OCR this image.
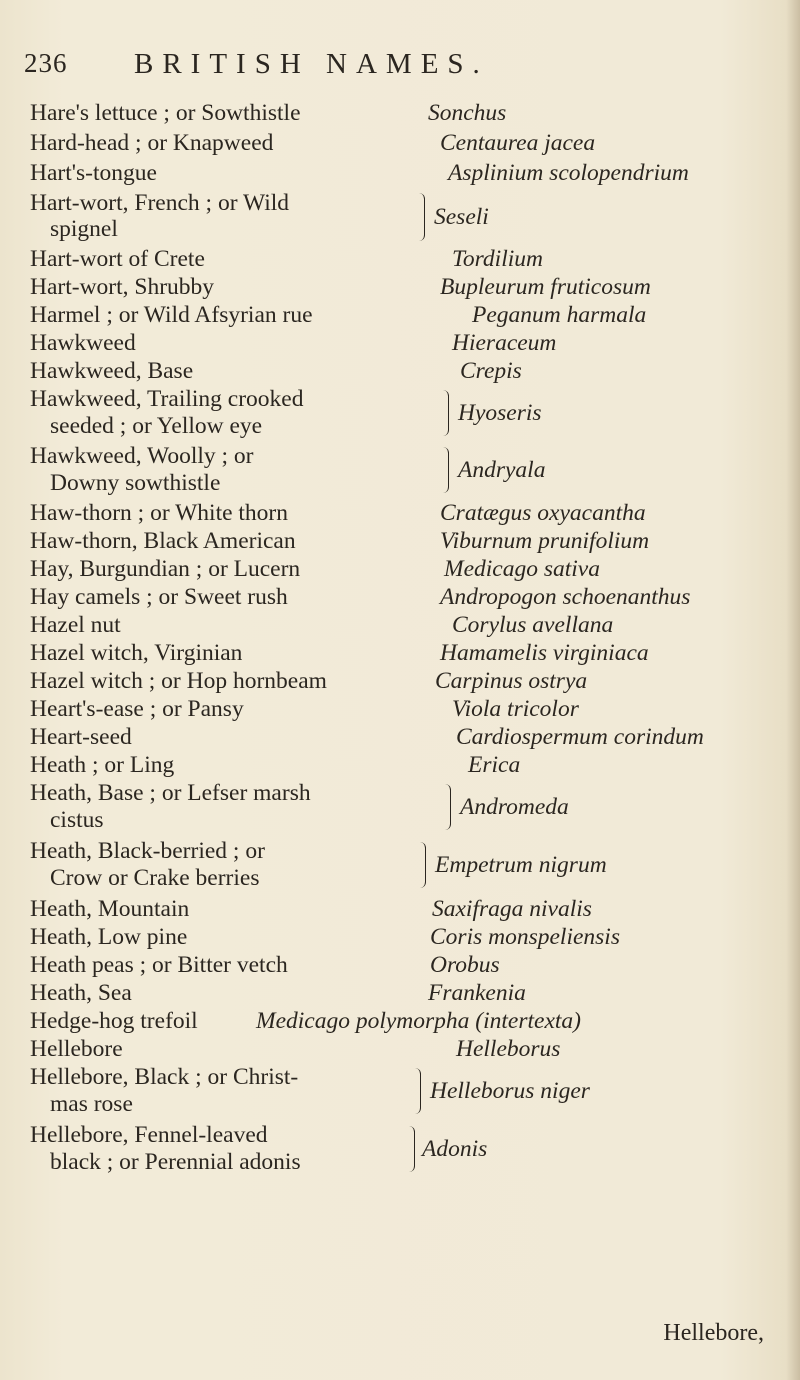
236 BRITISH NAMES.
Hare's lettuce ; or Sowthistle	Sonchus
Hard-head ; or Knapweed	Centaurea jacea
Hart's-tongue	Asplinium scolopendrium
Hart-wort, French ; or Wild
spignel	Seseli
Hart-wort of Crete	Tordilium
Hart-wort, Shrubby	Bupleurum fruticosum
Harmel ; or Wild Afsyrian rue	Peganum harmala
Hawkweed	Hieraceum
Hawkweed, Base	Crepis
Hawkweed, Trailing crooked
seeded ; or Yellow eye	Hyoseris
Hawkweed, Woolly ; or
Downy sowthistle	Andryala
Haw-thorn ; or White thorn	Cratægus oxyacantha
Haw-thorn, Black American	Viburnum prunifolium
Hay, Burgundian ; or Lucern	Medicago sativa
Hay camels ; or Sweet rush	Andropogon schoenanthus
Hazel nut	Corylus avellana
Hazel witch, Virginian	Hamamelis virginiaca
Hazel witch ; or Hop hornbeam	Carpinus ostrya
Heart's-ease ; or Pansy	Viola tricolor
Heart-seed	Cardiospermum corindum
Heath ; or Ling	Erica
Heath, Base ; or Lefser marsh
cistus	Andromeda
Heath, Black-berried ; or
Crow or Crake berries	Empetrum nigrum
Heath, Mountain	Saxifraga nivalis
Heath, Low pine	Coris monspeliensis
Heath peas ; or Bitter vetch	Orobus
Heath, Sea	Frankenia
Hedge-hog trefoil Medicago polymorpha (intertexta)
Hellebore	Helleborus
Hellebore, Black ; or Christ-
mas rose	Helleborus niger
Hellebore, Fennel-leaved
black ; or Perennial adonis	Adonis
Hellebore,
